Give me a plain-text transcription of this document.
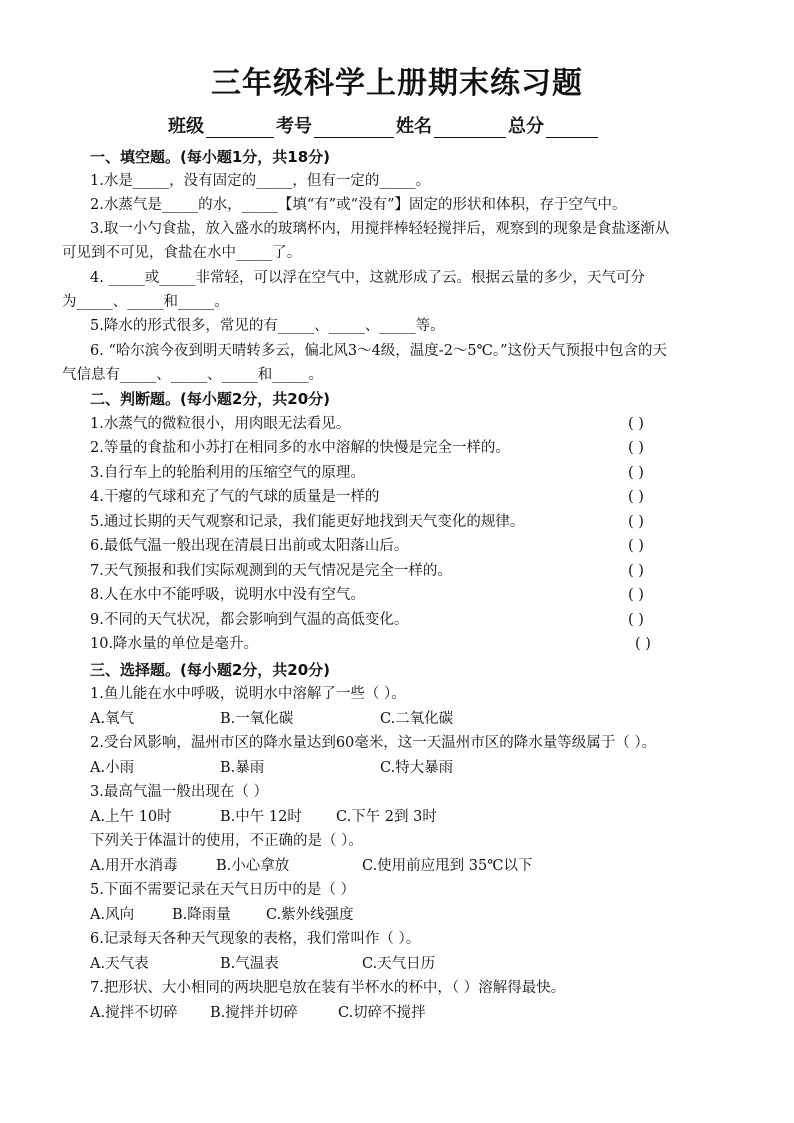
三年级科学上册期末练习题
班级	考号	姓名	总分
一、填空题。(每小题1分，共18分)
1.水是_____，没有固定的_____，但有一定的_____。
2.水蒸气是_____的水，_____【填“有”或“没有”】固定的形状和体积，存于空气中。
3.取一小勺食盐，放入盛水的玻璃杯内，用搅拌棒轻轻搅拌后，观察到的现象是食盐逐渐从
可见到不可见，食盐在水中_____了。
4. _____或_____非常轻，可以浮在空气中，这就形成了云。根据云量的多少，天气可分
为_____、_____和_____。
5.降水的形式很多，常见的有_____、_____、_____等。
6. “哈尔滨今夜到明天晴转多云，偏北风3～4级，温度-2～5℃。”这份天气预报中包含的天
气信息有_____、_____、_____和_____。
二、判断题。(每小题2分，共20分)
1.水蒸气的微粒很小，用肉眼无法看见。	( )
2.等量的食盐和小苏打在相同多的水中溶解的快慢是完全一样的。	( )
3.自行车上的轮胎利用的压缩空气的原理。	( )
4.干瘪的气球和充了气的气球的质量是一样的	( )
5.通过长期的天气观察和记录，我们能更好地找到天气变化的规律。	( )
6.最低气温一般出现在清晨日出前或太阳落山后。	( )
7.天气预报和我们实际观测到的天气情况是完全一样的。	( )
8.人在水中不能呼吸，说明水中没有空气。	( )
9.不同的天气状况，都会影响到气温的高低变化。	( )
10.降水量的单位是毫升。	( )
三、选择题。(每小题2分，共20分)
1.鱼儿能在水中呼吸，说明水中溶解了一些（ ）。
A.氧气	B.一氧化碳	C.二氧化碳
2.受台风影响，温州市区的降水量达到60毫米，这一天温州市区的降水量等级属于（ ）。
A.小雨	B.暴雨	C.特大暴雨
3.最高气温一般出现在（ ）
A.上午 10时	B.中午 12时 C.下午 2到 3时
下列关于体温计的使用，不正确的是（ ）。
A.用开水消毒	B.小心拿放	C.使用前应甩到 35℃以下
5.下面不需要记录在天气日历中的是（ ）
A.风向	B.降雨量 C.紫外线强度
6.记录每天各种天气现象的表格，我们常叫作（ ）。
A.天气表	B.气温表	C.天气日历
7.把形状、大小相同的两块肥皂放在装有半杯水的杯中，（ ）溶解得最快。
A.搅拌不切碎 B.搅拌并切碎	C.切碎不搅拌
